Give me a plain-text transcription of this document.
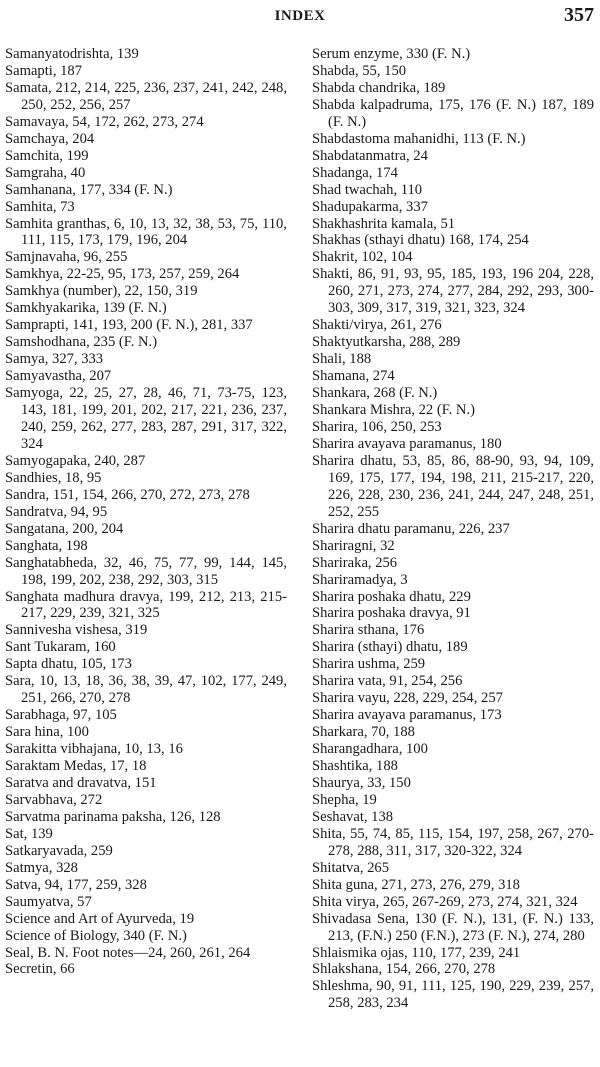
INDEX	357
Samanyatodrishta, 139
Samapti, 187
Samata, 212, 214, 225, 236, 237, 241, 242, 248, 250, 252, 256, 257
Samavaya, 54, 172, 262, 273, 274
Samchaya, 204
Samchita, 199
Samgraha, 40
Samhanana, 177, 334 (F. N.)
Samhita, 73
Samhita granthas, 6, 10, 13, 32, 38, 53, 75, 110, 111, 115, 173, 179, 196, 204
Samjnavaha, 96, 255
Samkhya, 22-25, 95, 173, 257, 259, 264
Samkhya (number), 22, 150, 319
Samkhyakarika, 139 (F. N.)
Samprapti, 141, 193, 200 (F. N.), 281, 337
Samshodhana, 235 (F. N.)
Samya, 327, 333
Samyavastha, 207
Samyoga, 22, 25, 27, 28, 46, 71, 73-75, 123, 143, 181, 199, 201, 202, 217, 221, 236, 237, 240, 259, 262, 277, 283, 287, 291, 317, 322, 324
Samyogapaka, 240, 287
Sandhies, 18, 95
Sandra, 151, 154, 266, 270, 272, 273, 278
Sandratva, 94, 95
Sangatana, 200, 204
Sanghata, 198
Sanghatabheda, 32, 46, 75, 77, 99, 144, 145, 198, 199, 202, 238, 292, 303, 315
Sanghata madhura dravya, 199, 212, 213, 215-217, 229, 239, 321, 325
Sannivesha vishesa, 319
Sant Tukaram, 160
Sapta dhatu, 105, 173
Sara, 10, 13, 18, 36, 38, 39, 47, 102, 177, 249, 251, 266, 270, 278
Sarabhaga, 97, 105
Sara hina, 100
Sarakitta vibhajana, 10, 13, 16
Saraktam Medas, 17, 18
Saratva and dravatva, 151
Sarvabhava, 272
Sarvatma parinama paksha, 126, 128
Sat, 139
Satkaryavada, 259
Satmya, 328
Satva, 94, 177, 259, 328
Saumyatva, 57
Science and Art of Ayurveda, 19
Science of Biology, 340 (F. N.)
Seal, B. N. Foot notes—24, 260, 261, 264
Secretin, 66
Serum enzyme, 330 (F. N.)
Shabda, 55, 150
Shabda chandrika, 189
Shabda kalpadruma, 175, 176 (F. N.) 187, 189 (F. N.)
Shabdastoma mahanidhi, 113 (F. N.)
Shabdatanmatra, 24
Shadanga, 174
Shad twachah, 110
Shadupakarma, 337
Shakhashrita kamala, 51
Shakhas (sthayi dhatu) 168, 174, 254
Shakrit, 102, 104
Shakti, 86, 91, 93, 95, 185, 193, 196 204, 228, 260, 271, 273, 274, 277, 284, 292, 293, 300-303, 309, 317, 319, 321, 323, 324
Shakti/virya, 261, 276
Shaktyutkarsha, 288, 289
Shali, 188
Shamana, 274
Shankara, 268 (F. N.)
Shankara Mishra, 22 (F. N.)
Sharira, 106, 250, 253
Sharira avayava paramanus, 180
Sharira dhatu, 53, 85, 86, 88-90, 93, 94, 109, 169, 175, 177, 194, 198, 211, 215-217, 220, 226, 228, 230, 236, 241, 244, 247, 248, 251, 252, 255
Sharira dhatu paramanu, 226, 237
Shariragni, 32
Sharirakа, 256
Shariramadya, 3
Sharira poshaka dhatu, 229
Sharira poshaka dravya, 91
Sharira sthana, 176
Sharira (sthayi) dhatu, 189
Sharira ushma, 259
Sharira vata, 91, 254, 256
Sharira vayu, 228, 229, 254, 257
Sharira avayava paramanus, 173
Sharkara, 70, 188
Sharangadhara, 100
Shashtika, 188
Shaurya, 33, 150
Shepha, 19
Seshavat, 138
Shita, 55, 74, 85, 115, 154, 197, 258, 267, 270-278, 288, 311, 317, 320-322, 324
Shitatva, 265
Shita guna, 271, 273, 276, 279, 318
Shita virya, 265, 267-269, 273, 274, 321, 324
Shivadasa Sena, 130 (F. N.), 131, (F. N.) 133, 213, (F.N.) 250 (F.N.), 273 (F. N.), 274, 280
Shlaismika ojas, 110, 177, 239, 241
Shlakshana, 154, 266, 270, 278
Shleshma, 90, 91, 111, 125, 190, 229, 239, 257, 258, 283, 234
